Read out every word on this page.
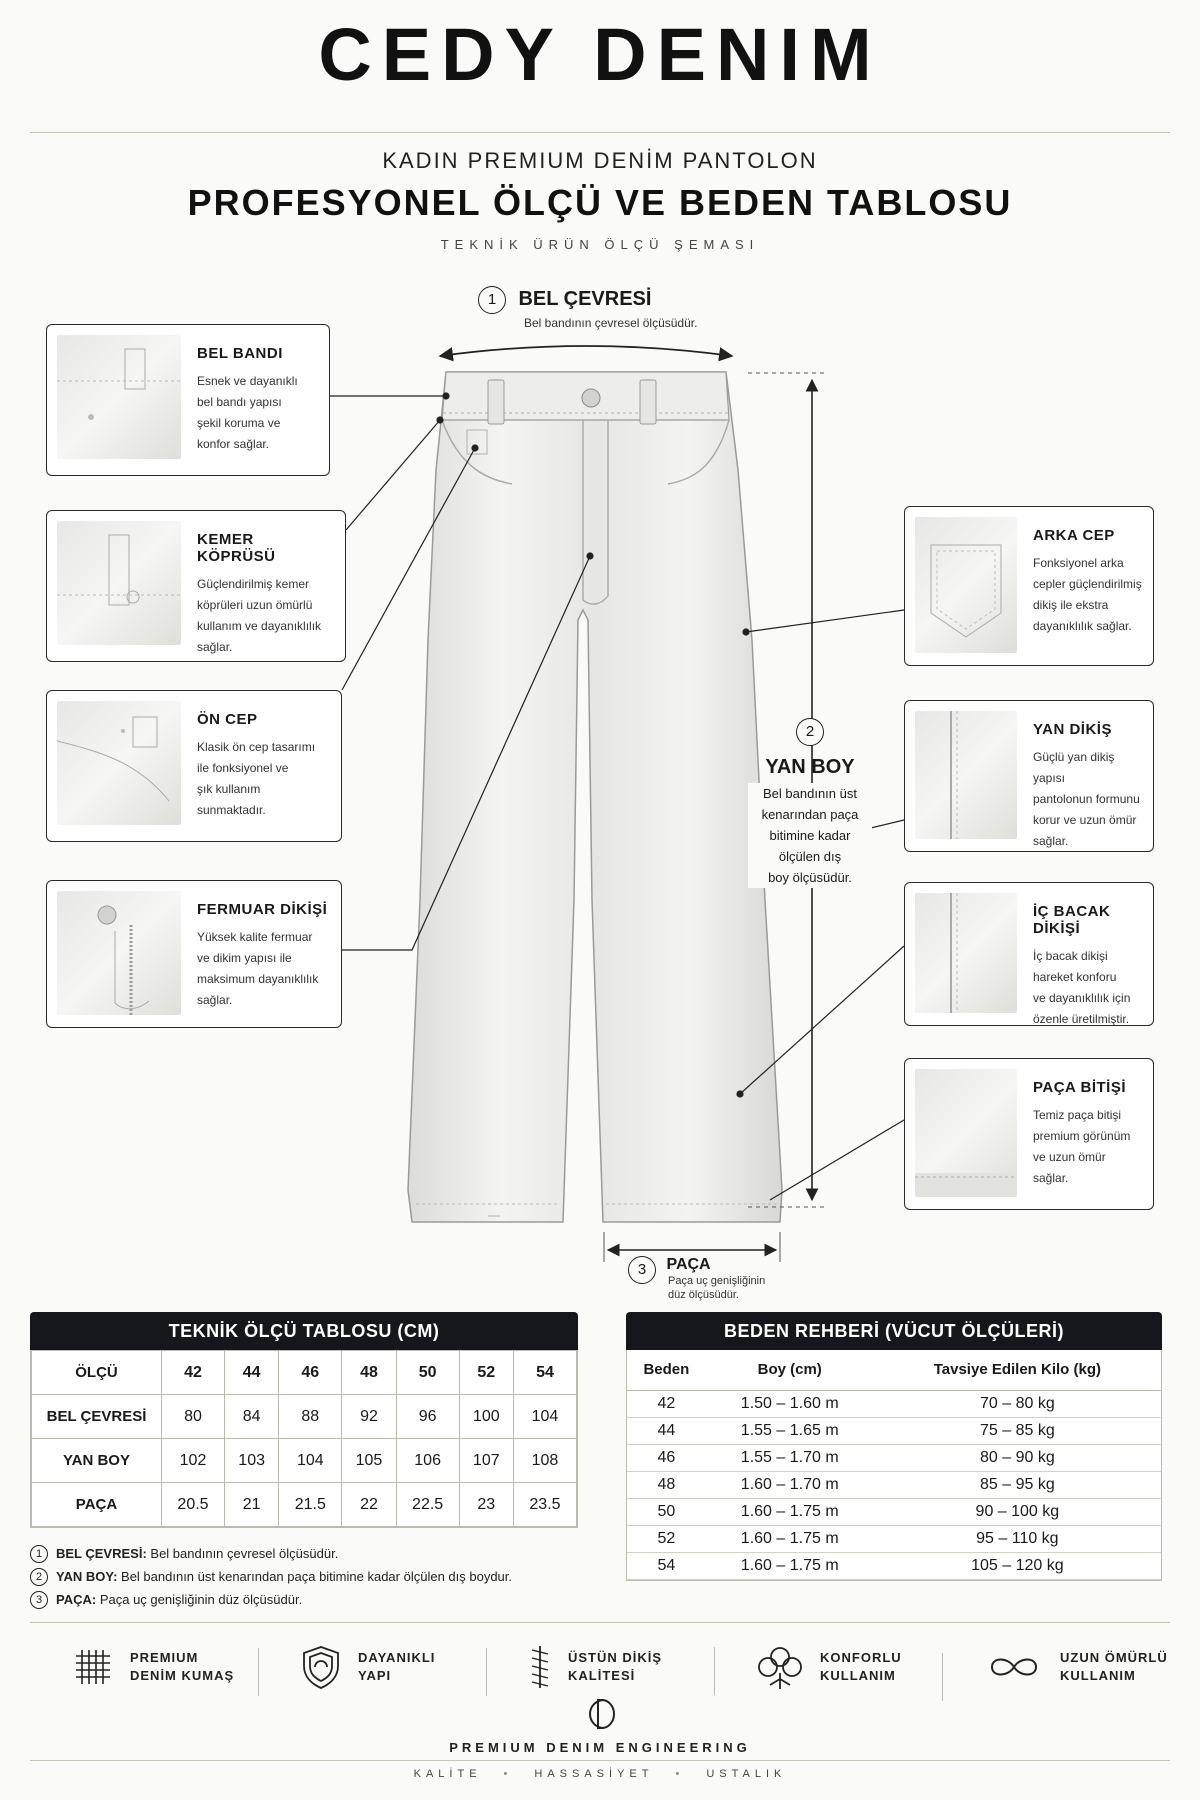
CEDY DENIM
KADIN PREMIUM DENİM PANTOLON
PROFESYONEL ÖLÇÜ VE BEDEN TABLOSU
TEKNİK ÜRÜN ÖLÇÜ ŞEMASI
1 BEL ÇEVRESİ
Bel bandının çevresel ölçüsüdür.
2
YAN BOY
Bel bandının üst
kenarından paça
bitimine kadar
ölçülen dış
boy ölçüsüdür.
3 PAÇA
Paça uç genişliğinin
düz ölçüsüdür.
BEL BANDI
Esnek ve dayanıklı
bel bandı yapısı
şekil koruma ve
konfor sağlar.
KEMER KÖPRÜSÜ
Güçlendirilmiş kemer
köprüleri uzun ömürlü
kullanım ve dayanıklılık
sağlar.
ÖN CEP
Klasik ön cep tasarımı
ile fonksiyonel ve
şık kullanım
sunmaktadır.
FERMUAR DİKİŞİ
Yüksek kalite fermuar
ve dikim yapısı ile
maksimum dayanıklılık
sağlar.
ARKA CEP
Fonksiyonel arka
cepler güçlendirilmiş
dikiş ile ekstra
dayanıklılık sağlar.
YAN DİKİŞ
Güçlü yan dikiş yapısı
pantolonun formunu
korur ve uzun ömür
sağlar.
İÇ BACAK DİKİŞİ
İç bacak dikişi
hareket konforu
ve dayanıklılık için
özenle üretilmiştir.
PAÇA BİTİŞİ
Temiz paça bitişi
premium görünüm
ve uzun ömür
sağlar.
TEKNİK ÖLÇÜ TABLOSU (CM)
ÖLÇÜ	42	44	46	48	50	52	54
BEL ÇEVRESİ	80	84	88	92	96	100	104
YAN BOY	102	103	104	105	106	107	108
PAÇA	20.5	21	21.5	22	22.5	23	23.5
BEDEN REHBERİ (VÜCUT ÖLÇÜLERİ)
Beden	Boy (cm)	Tavsiye Edilen Kilo (kg)
42	1.50 – 1.60 m	70 – 80 kg
44	1.55 – 1.65 m	75 – 85 kg
46	1.55 – 1.70 m	80 – 90 kg
48	1.60 – 1.70 m	85 – 95 kg
50	1.60 – 1.75 m	90 – 100 kg
52	1.60 – 1.75 m	95 – 110 kg
54	1.60 – 1.75 m	105 – 120 kg
1	BEL ÇEVRESİ: Bel bandının çevresel ölçüsüdür.
2	YAN BOY: Bel bandının üst kenarından paça bitimine kadar ölçülen dış boydur.
3	PAÇA: Paça uç genişliğinin düz ölçüsüdür.
PREMIUM
DENİM KUMAŞ
DAYANIKLI
YAPI
ÜSTÜN DİKİŞ
KALİTESİ
KONFORLU
KULLANIM
UZUN ÖMÜRLÜ
KULLANIM
PREMIUM DENIM ENGINEERING
KALİTE • HASSASİYET • USTALIK
